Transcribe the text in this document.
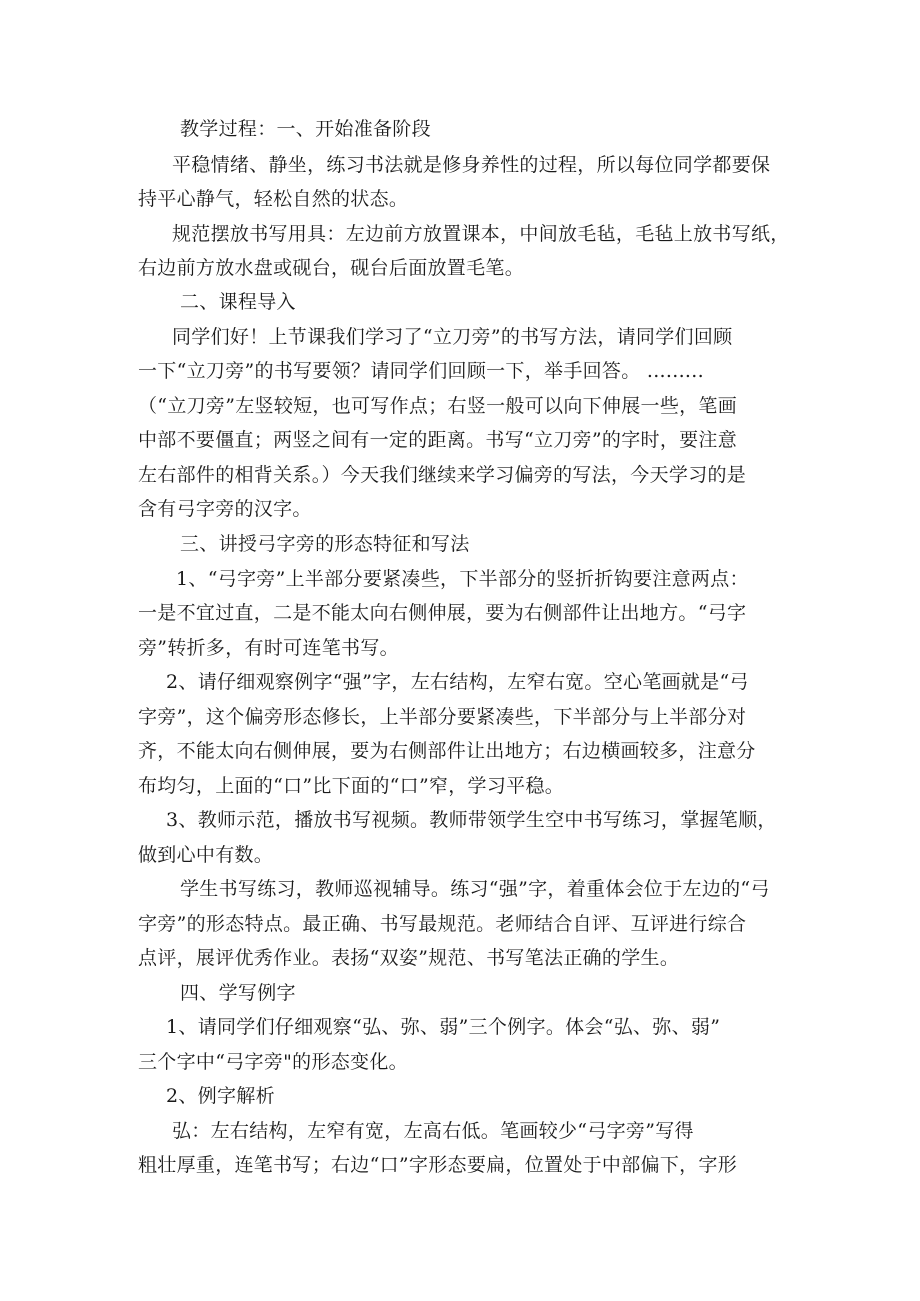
教学过程：一、开始准备阶段
平稳情绪、静坐，练习书法就是修身养性的过程，所以每位同学都要保
持平心静气，轻松自然的状态。
规范摆放书写用具：左边前方放置课本，中间放毛毡，毛毡上放书写纸，
右边前方放水盘或砚台，砚台后面放置毛笔。
二、课程导入
同学们好！上节课我们学习了“立刀旁”的书写方法，请同学们回顾
一下“立刀旁”的书写要领？请同学们回顾一下，举手回答。 .........
（“立刀旁”左竖较短，也可写作点；右竖一般可以向下伸展一些，笔画
中部不要僵直；两竖之间有一定的距离。书写“立刀旁”的字时，要注意
左右部件的相背关系。）今天我们继续来学习偏旁的写法，今天学习的是
含有弓字旁的汉字。
三、讲授弓字旁的形态特征和写法
1、“弓字旁”上半部分要紧凑些，下半部分的竖折折钩要注意两点：
一是不宜过直，二是不能太向右侧伸展，要为右侧部件让出地方。“弓字
旁”转折多，有时可连笔书写。
2、请仔细观察例字“强”字，左右结构，左窄右宽。空心笔画就是“弓
字旁”，这个偏旁形态修长，上半部分要紧凑些，下半部分与上半部分对
齐，不能太向右侧伸展，要为右侧部件让出地方；右边横画较多，注意分
布均匀，上面的“口”比下面的“口”窄，学习平稳。
3、教师示范，播放书写视频。教师带领学生空中书写练习，掌握笔顺，
做到心中有数。
学生书写练习，教师巡视辅导。练习“强”字，着重体会位于左边的“弓
字旁”的形态特点。最正确、书写最规范。老师结合自评、互评进行综合
点评，展评优秀作业。表扬“双姿”规范、书写笔法正确的学生。
四、学写例字
1、请同学们仔细观察“弘、弥、弱”三个例字。体会“弘、弥、弱”
三个字中“弓字旁"的形态变化。
2、例字解析
弘：左右结构，左窄有宽，左高右低。笔画较少“弓字旁”写得
粗壮厚重，连笔书写；右边“口”字形态要扁，位置处于中部偏下，字形
